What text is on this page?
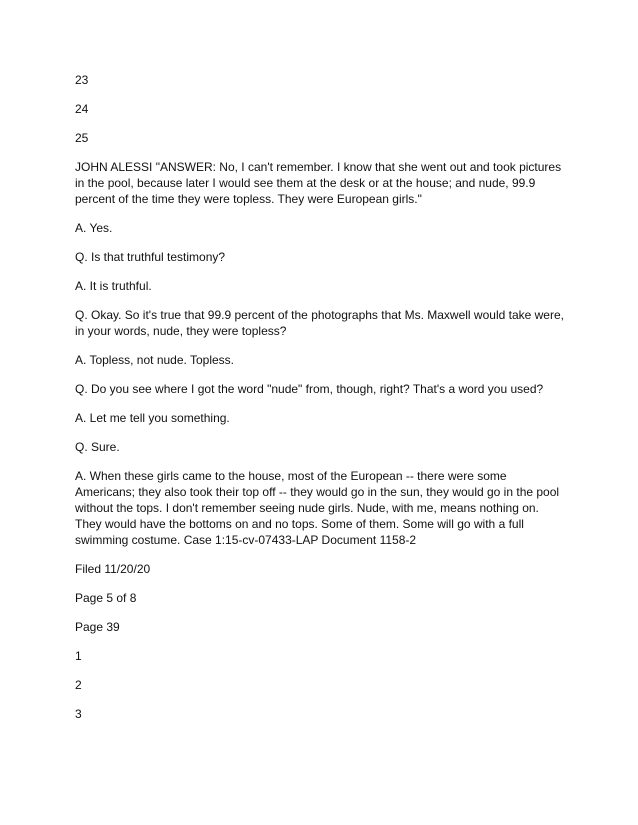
23

24

25

JOHN ALESSI "ANSWER: No, I can't remember. I know that she went out and took pictures in the pool, because later I would see them at the desk or at the house; and nude, 99.9 percent of the time they were topless. They were European girls."

A. Yes.

Q. Is that truthful testimony?

A. It is truthful.

Q. Okay. So it's true that 99.9 percent of the photographs that Ms. Maxwell would take were, in your words, nude, they were topless?

A. Topless, not nude. Topless.

Q. Do you see where I got the word "nude" from, though, right? That's a word you used?

A. Let me tell you something.

Q. Sure.

A. When these girls came to the house, most of the European -- there were some Americans; they also took their top off -- they would go in the sun, they would go in the pool without the tops. I don't remember seeing nude girls. Nude, with me, means nothing on. They would have the bottoms on and no tops. Some of them. Some will go with a full swimming costume. Case 1:15-cv-07433-LAP Document 1158-2

Filed 11/20/20

Page 5 of 8

Page 39

1

2

3
